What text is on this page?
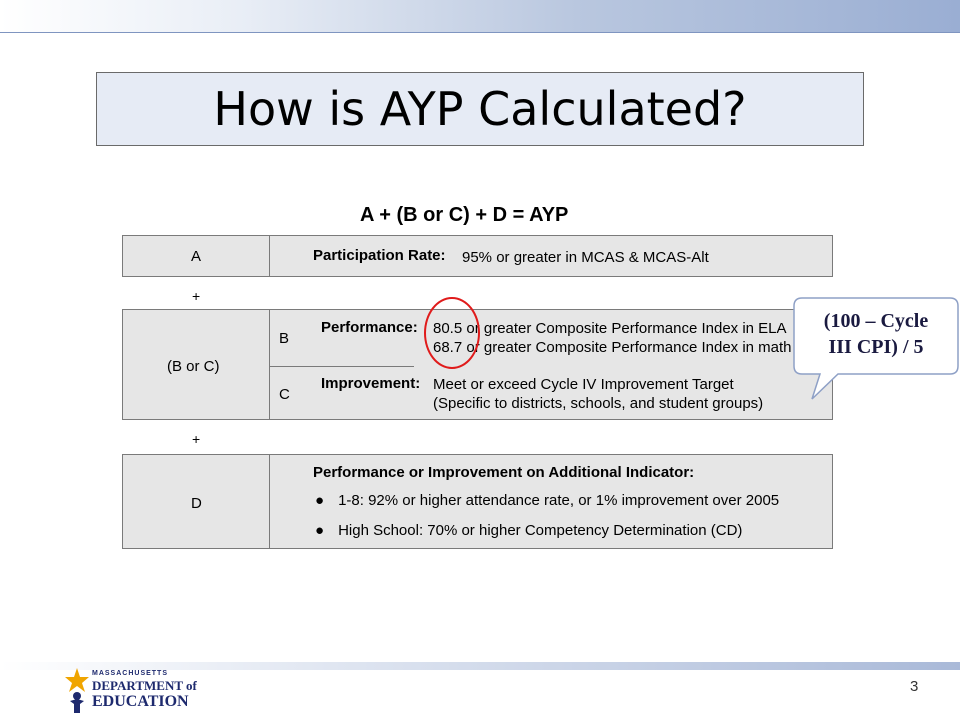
How is AYP Calculated?
A + (B or C) + D = AYP
A	Participation Rate: 95% or greater in MCAS & MCAS-Alt
+
(B or C)
B
C
Performance: 80.5 or greater Composite Performance Index in ELA
68.7 or greater Composite Performance Index in math
Improvement: Meet or exceed Cycle IV Improvement Target
(Specific to districts, schools, and student groups)
+
D
Performance or Improvement on Additional Indicator:
● 1-8: 92% or higher attendance rate, or 1% improvement over 2005
● High School: 70% or higher Competency Determination (CD)
(100 – Cycle
III CPI) / 5
MASSACHUSETTS
DEPARTMENT of
EDUCATION
3
